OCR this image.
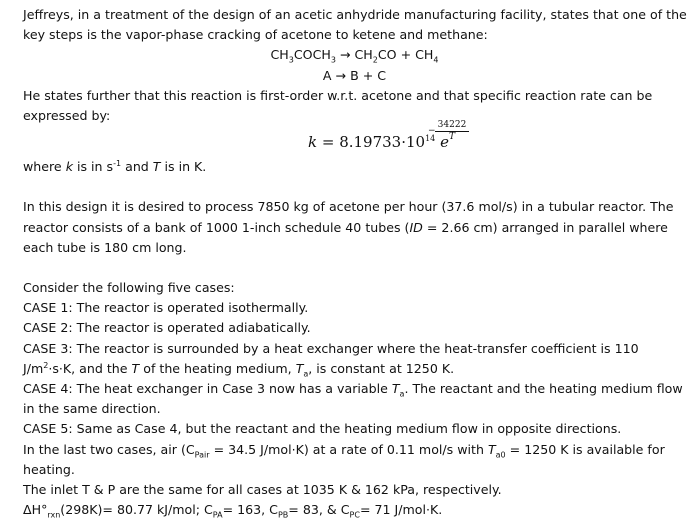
Jeffreys, in a treatment of the design of an acetic anhydride manufacturing facility, states that one of the
key steps is the vapor-phase cracking of acetone to ketene and methane:
$CH_3COCH_3 \to CH_2CO + CH_4$
A → B + C
He states further that this reaction is first-order w.r.t. acetone and that specific reaction rate can be
expressed by:
$k = 8.19733\cdot 10^{14}$ e
−
34222
T
where k is in $s^{-1}$ and T is in K.
In this design it is desired to process 7850 kg of acetone per hour (37.6 mol/s) in a tubular reactor. The
reactor consists of a bank of 1000 1-inch schedule 40 tubes (ID = 2.66 cm) arranged in parallel where
each tube is 180 cm long.
Consider the following five cases:
CASE 1: The reactor is operated isothermally.
CASE 2: The reactor is operated adiabatically.
CASE 3: The reactor is surrounded by a heat exchanger where the heat-transfer coefficient is 110
$J/m^2\cdot s\cdot K$, and the T of the heating medium, $T_a$, is constant at 1250 K.
CASE 4: The heat exchanger in Case 3 now has a variable $T_a$. The reactant and the heating medium flow
in the same direction.
CASE 5: Same as Case 4, but the reactant and the heating medium flow in opposite directions.
In the last two cases, air ($C_{Pair} = 34.5$ J/mol·K) at a rate of 0.11 mol/s with $T_{a0} = 1250$ K is available for
heating.
The inlet T & P are the same for all cases at 1035 K & 162 kPa, respectively.
$\Delta H^\circ_{rxn}(298K)= 80.77$ kJ/mol; $C_{PA}= 163$, $C_{PB}= 83$, & $C_{PC}= 71$ J/mol·K.
